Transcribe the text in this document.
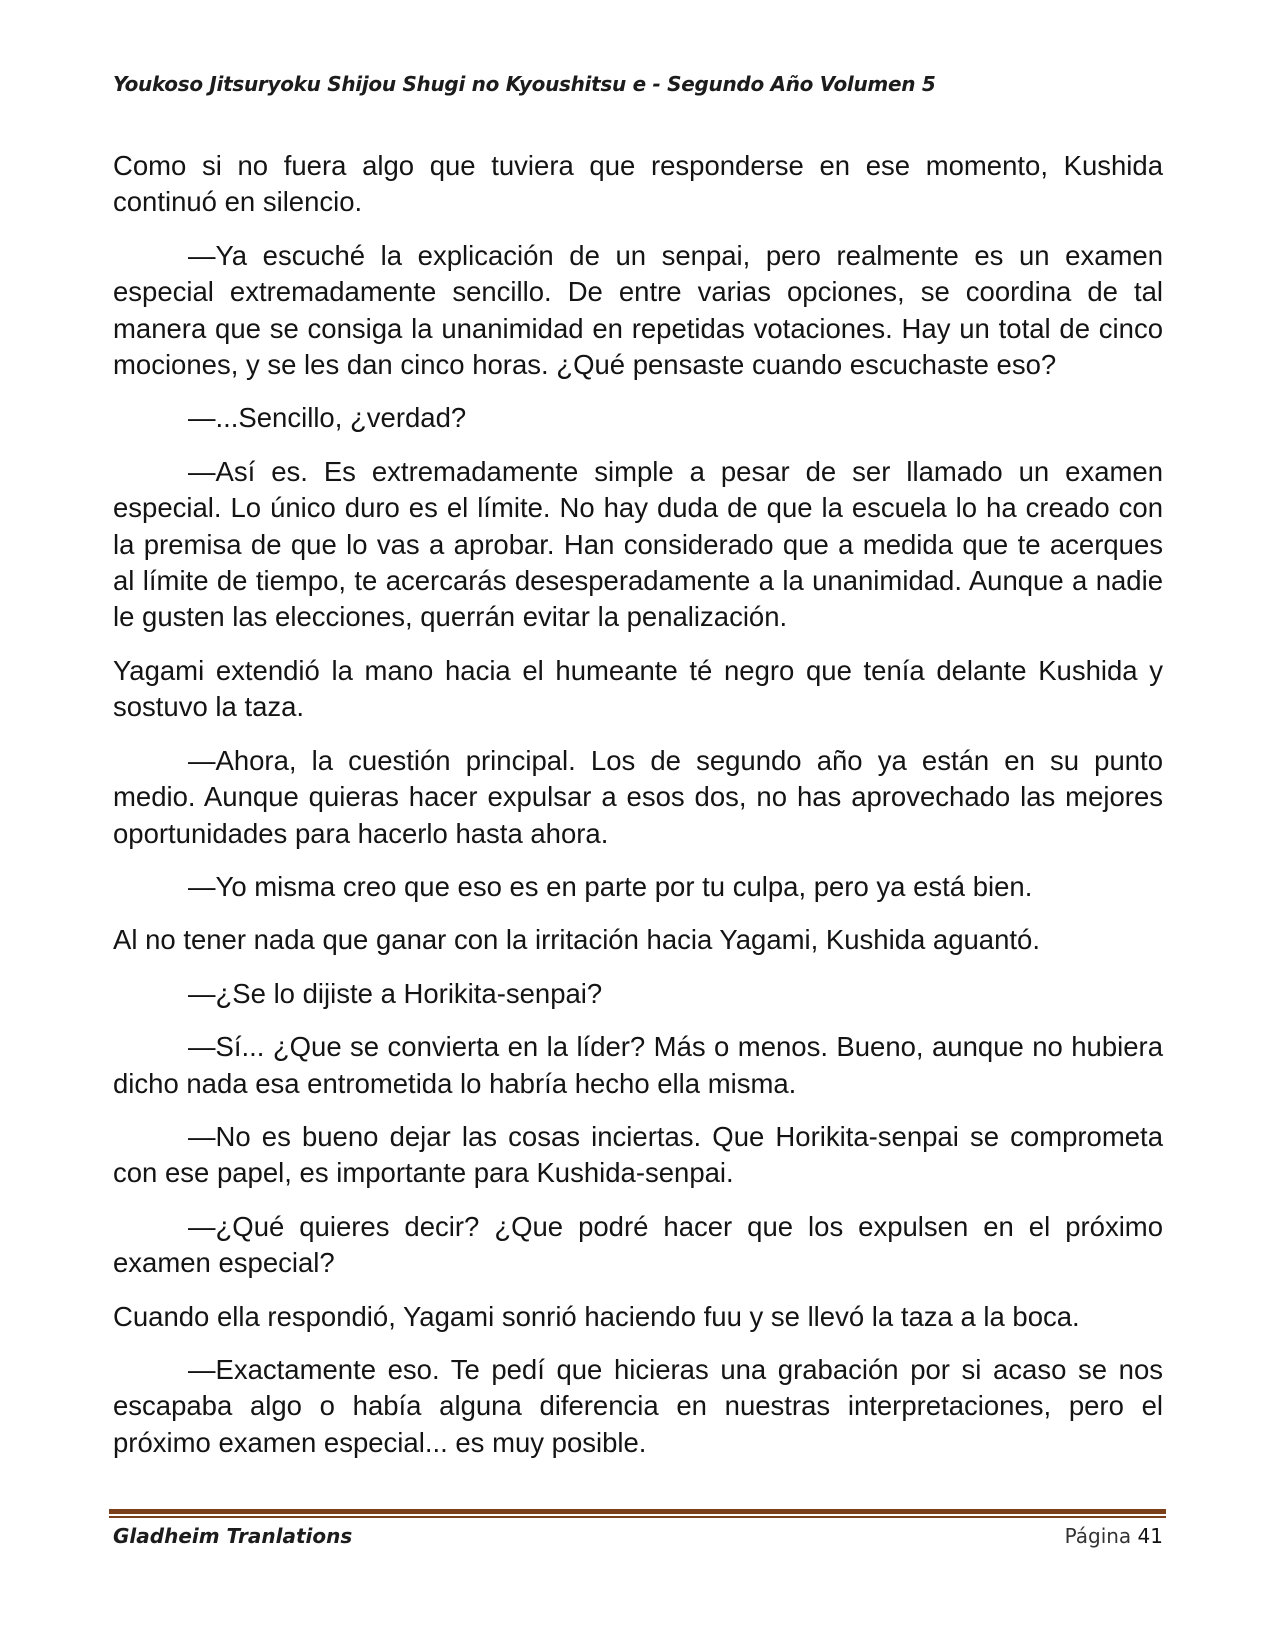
Youkoso Jitsuryoku Shijou Shugi no Kyoushitsu e - Segundo Año Volumen 5

Como si no fuera algo que tuviera que responderse en ese momento, Kushida continuó en silencio.

—Ya escuché la explicación de un senpai, pero realmente es un examen especial extremadamente sencillo. De entre varias opciones, se coordina de tal manera que se consiga la unanimidad en repetidas votaciones. Hay un total de cinco mociones, y se les dan cinco horas. ¿Qué pensaste cuando escuchaste eso?

—...Sencillo, ¿verdad?

—Así es. Es extremadamente simple a pesar de ser llamado un examen especial. Lo único duro es el límite. No hay duda de que la escuela lo ha creado con la premisa de que lo vas a aprobar. Han considerado que a medida que te acerques al límite de tiempo, te acercarás desesperadamente a la unanimidad. Aunque a nadie le gusten las elecciones, querrán evitar la penalización.

Yagami extendió la mano hacia el humeante té negro que tenía delante Kushida y sostuvo la taza.

—Ahora, la cuestión principal. Los de segundo año ya están en su punto medio. Aunque quieras hacer expulsar a esos dos, no has aprovechado las mejores oportunidades para hacerlo hasta ahora.

—Yo misma creo que eso es en parte por tu culpa, pero ya está bien.

Al no tener nada que ganar con la irritación hacia Yagami, Kushida aguantó.

—¿Se lo dijiste a Horikita-senpai?

—Sí... ¿Que se convierta en la líder? Más o menos. Bueno, aunque no hubiera dicho nada esa entrometida lo habría hecho ella misma.

—No es bueno dejar las cosas inciertas. Que Horikita-senpai se comprometa con ese papel, es importante para Kushida-senpai.

—¿Qué quieres decir? ¿Que podré hacer que los expulsen en el próximo examen especial?

Cuando ella respondió, Yagami sonrió haciendo fuu y se llevó la taza a la boca.

—Exactamente eso. Te pedí que hicieras una grabación por si acaso se nos escapaba algo o había alguna diferencia en nuestras interpretaciones, pero el próximo examen especial... es muy posible.

Gladheim Tranlations	Página 41
